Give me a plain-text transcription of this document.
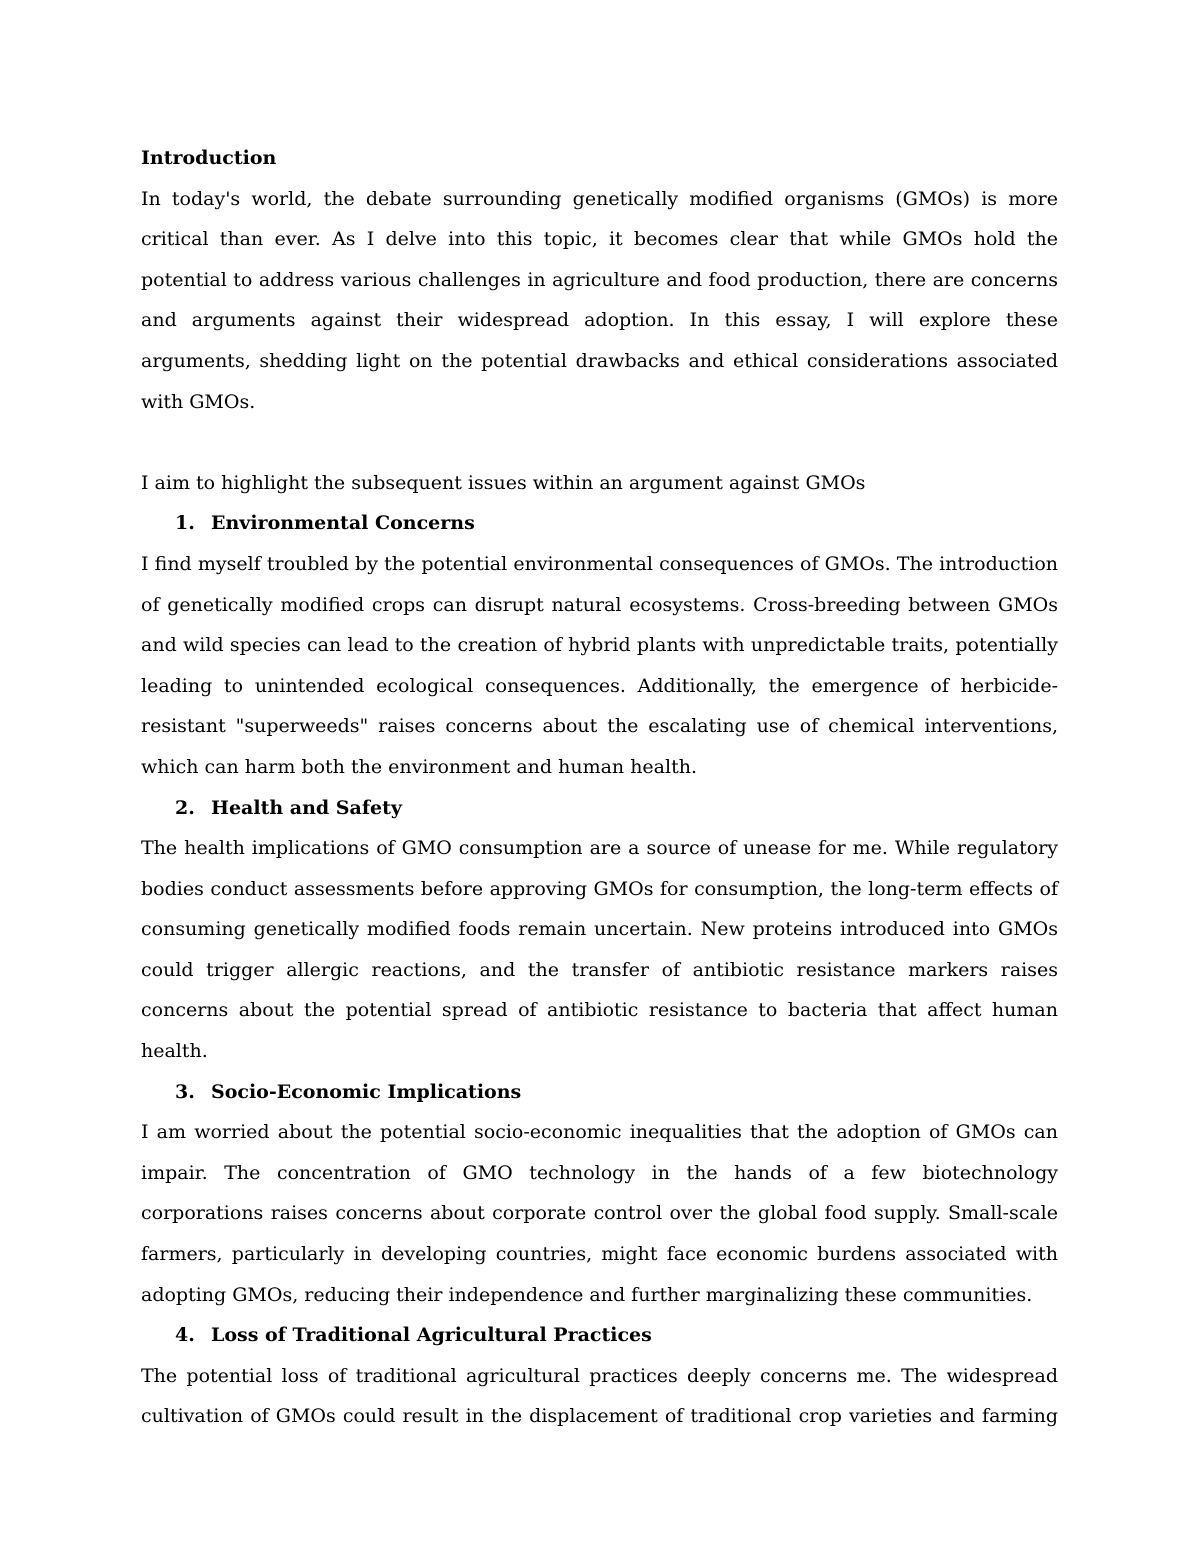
Introduction

In today's world, the debate surrounding genetically modified organisms (GMOs) is more critical than ever. As I delve into this topic, it becomes clear that while GMOs hold the potential to address various challenges in agriculture and food production, there are concerns and arguments against their widespread adoption. In this essay, I will explore these arguments, shedding light on the potential drawbacks and ethical considerations associated with GMOs.

I aim to highlight the subsequent issues within an argument against GMOs

1. Environmental Concerns

I find myself troubled by the potential environmental consequences of GMOs. The introduction of genetically modified crops can disrupt natural ecosystems. Cross-breeding between GMOs and wild species can lead to the creation of hybrid plants with unpredictable traits, potentially leading to unintended ecological consequences. Additionally, the emergence of herbicide-resistant "superweeds" raises concerns about the escalating use of chemical interventions, which can harm both the environment and human health.

2. Health and Safety

The health implications of GMO consumption are a source of unease for me. While regulatory bodies conduct assessments before approving GMOs for consumption, the long-term effects of consuming genetically modified foods remain uncertain. New proteins introduced into GMOs could trigger allergic reactions, and the transfer of antibiotic resistance markers raises concerns about the potential spread of antibiotic resistance to bacteria that affect human health.

3. Socio-Economic Implications

I am worried about the potential socio-economic inequalities that the adoption of GMOs can impair. The concentration of GMO technology in the hands of a few biotechnology corporations raises concerns about corporate control over the global food supply. Small-scale farmers, particularly in developing countries, might face economic burdens associated with adopting GMOs, reducing their independence and further marginalizing these communities.

4. Loss of Traditional Agricultural Practices

The potential loss of traditional agricultural practices deeply concerns me. The widespread cultivation of GMOs could result in the displacement of traditional crop varieties and farming
